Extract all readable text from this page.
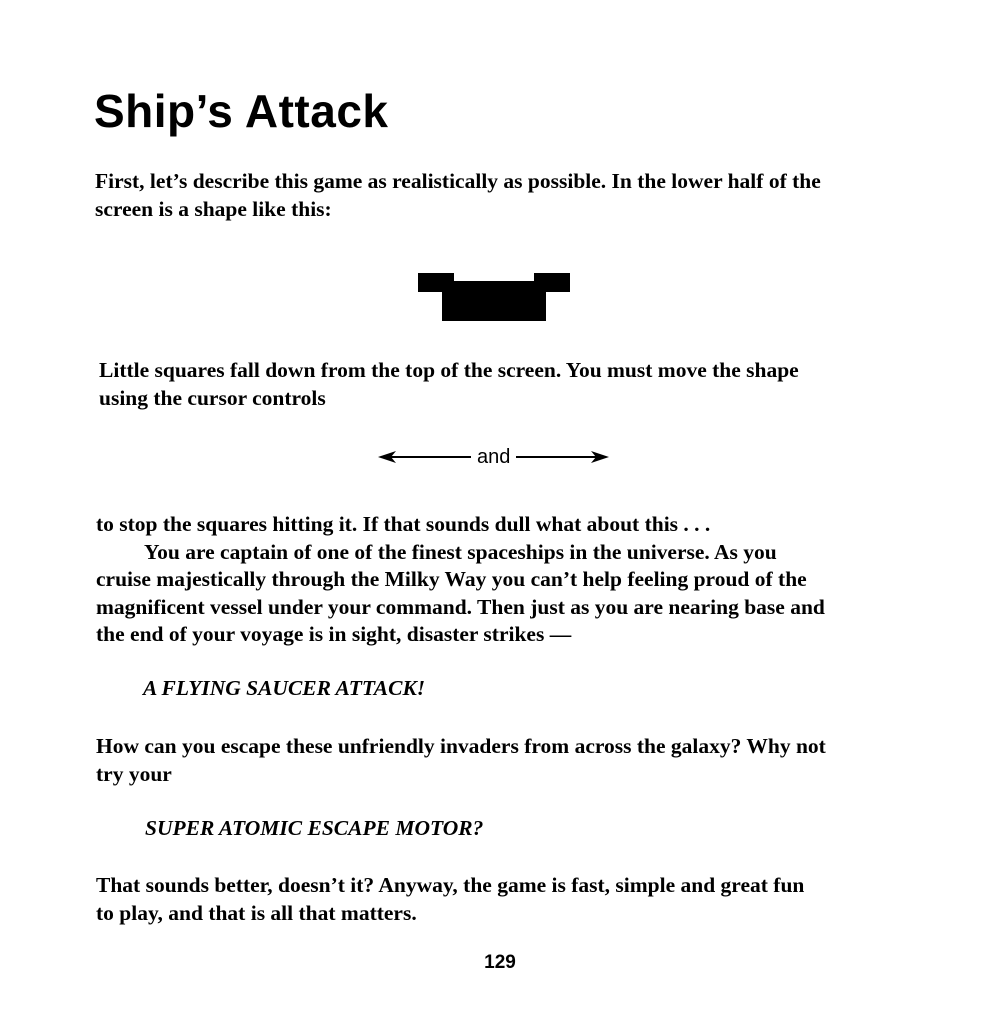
Ship’s Attack

First, let’s describe this game as realistically as possible. In the lower half of the
screen is a shape like this:

Little squares fall down from the top of the screen. You must move the shape
using the cursor controls

and

to stop the squares hitting it. If that sounds dull what about this . . .
You are captain of one of the finest spaceships in the universe. As you
cruise majestically through the Milky Way you can’t help feeling proud of the
magnificent vessel under your command. Then just as you are nearing base and
the end of your voyage is in sight, disaster strikes —

A FLYING SAUCER ATTACK!

How can you escape these unfriendly invaders from across the galaxy? Why not
try your

SUPER ATOMIC ESCAPE MOTOR?

That sounds better, doesn’t it? Anyway, the game is fast, simple and great fun
to play, and that is all that matters.

129
